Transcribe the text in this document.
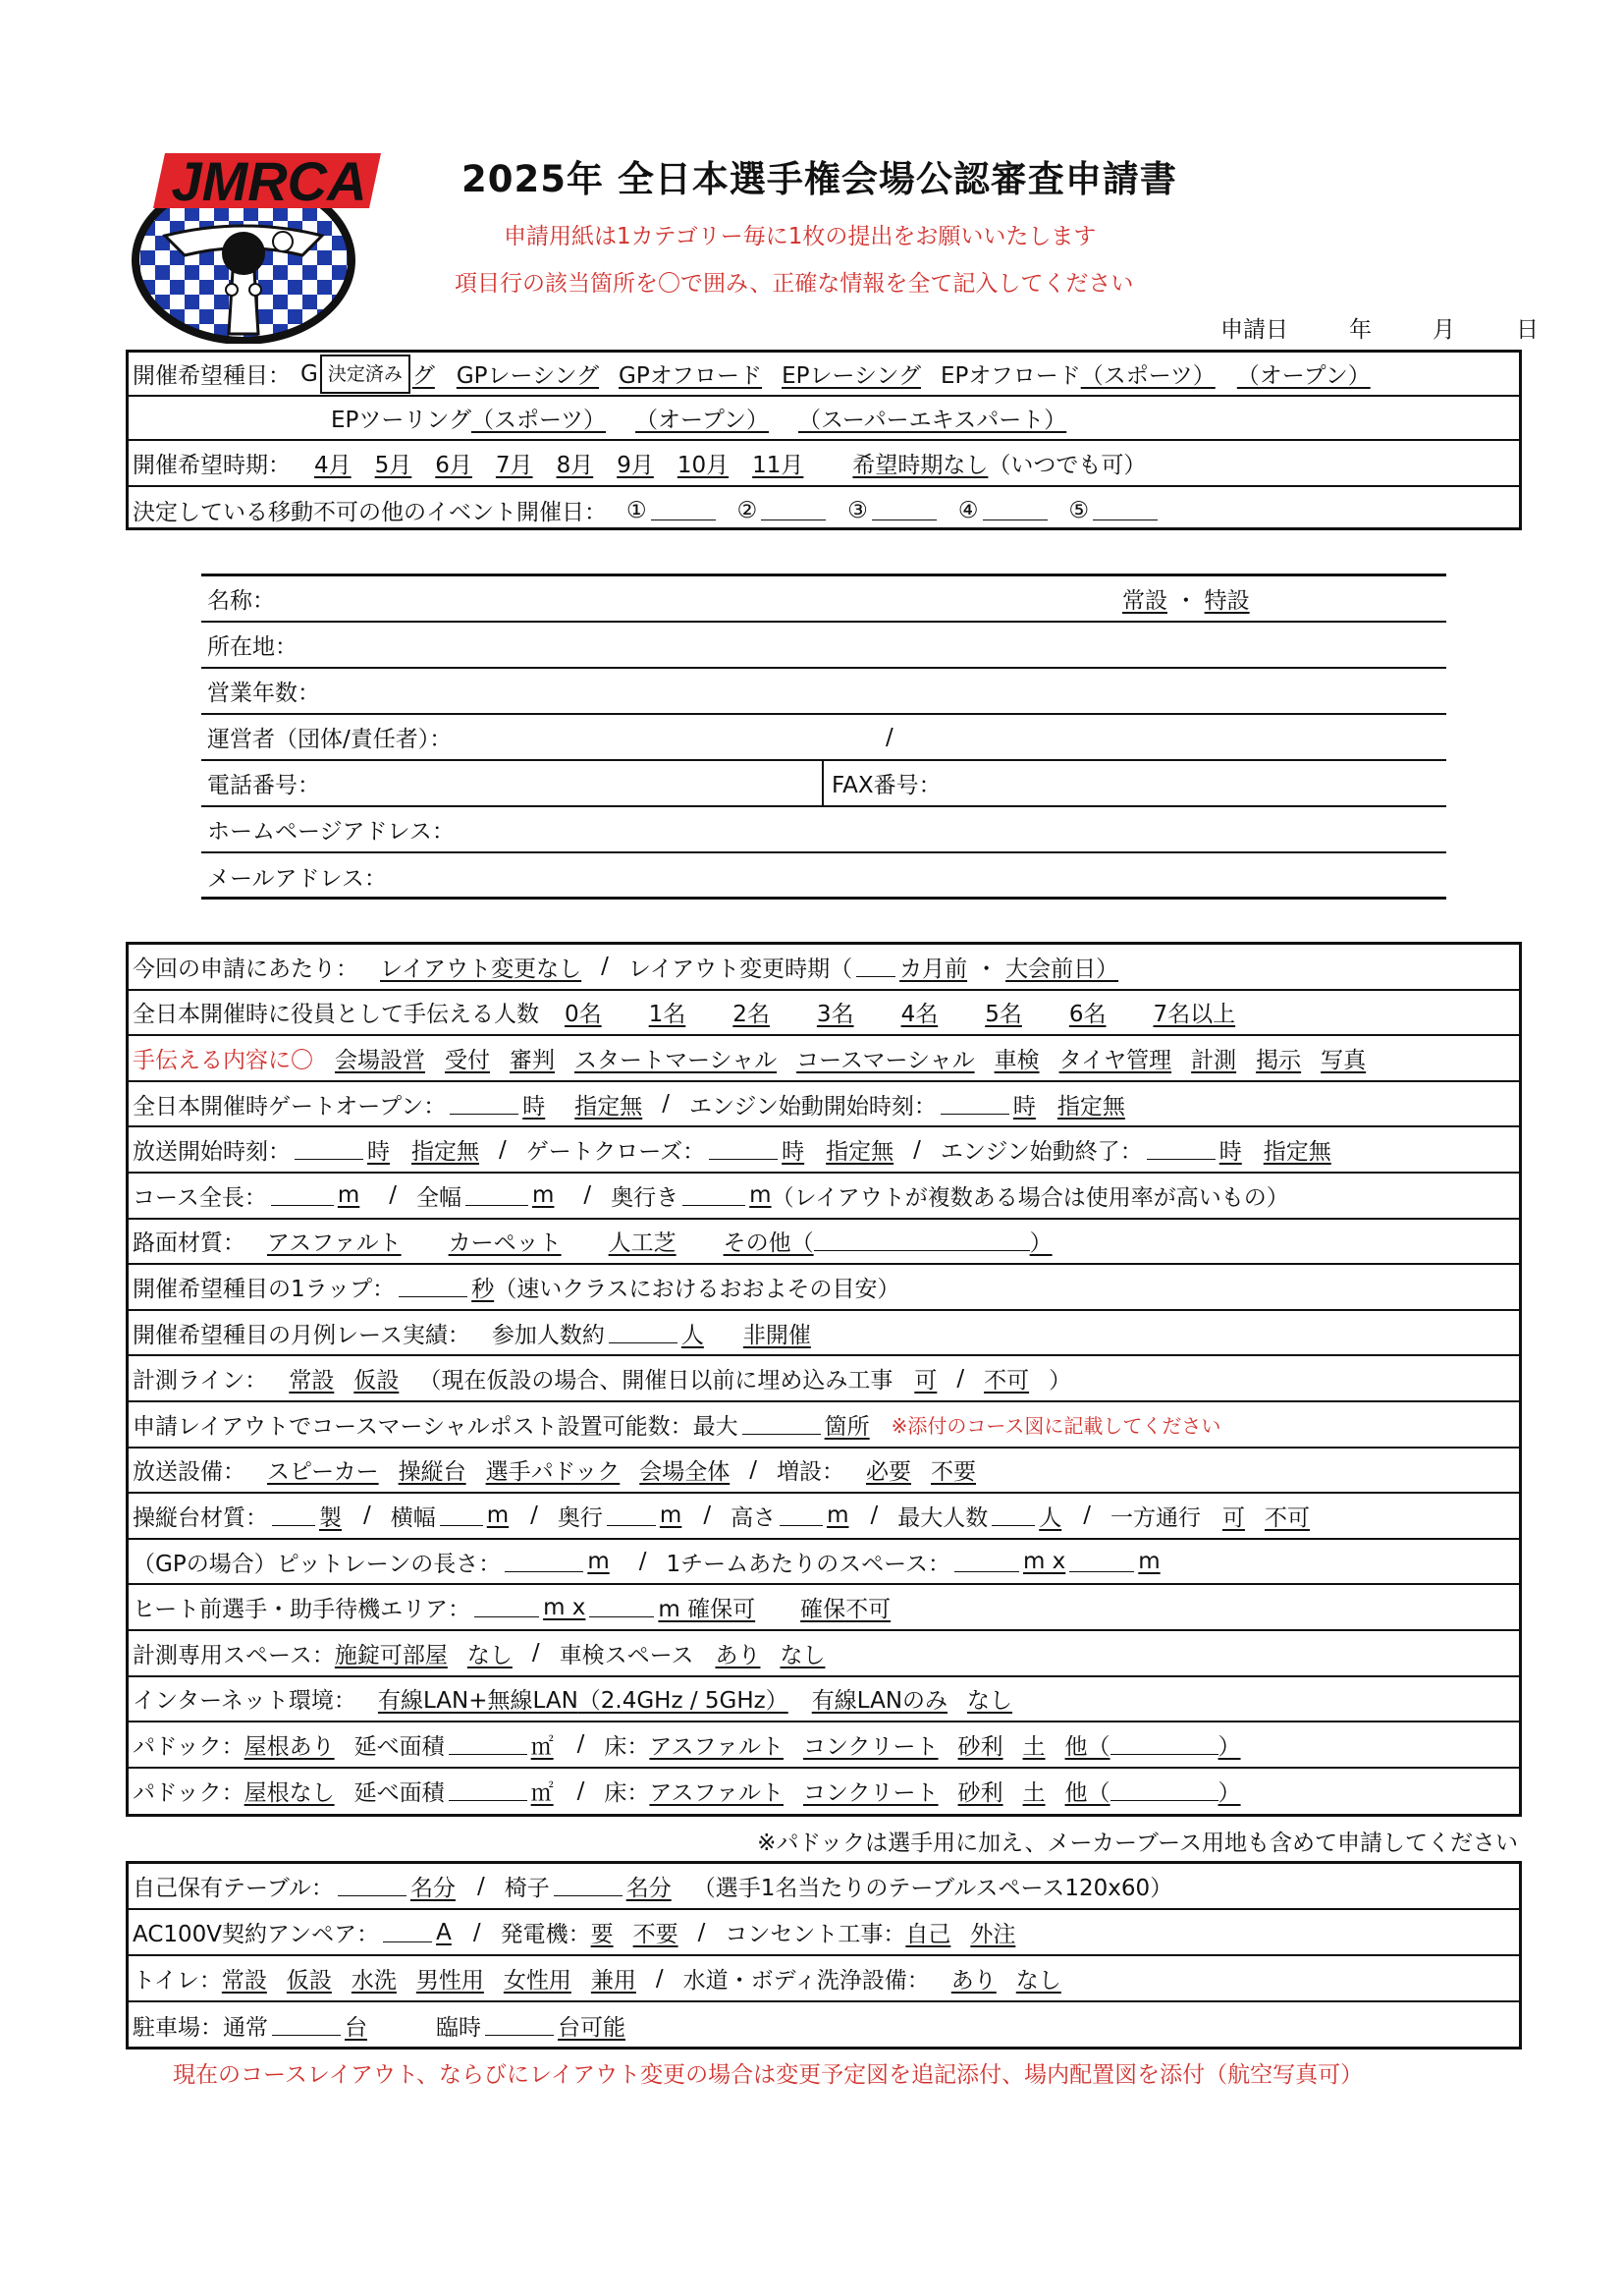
JMRCA	2025年 全日本選手権会場公認審査申請書
申請用紙は1カテゴリー毎に1枚の提出をお願いいたします
項目行の該当箇所を〇で囲み、正確な情報を全て記入してください
申請日	年	月	日
開催希望種目： G 決定済み グ GPレーシング GPオフロード EPレーシング EPオフロード （スポーツ） （オープン）
EPツーリング （スポーツ） （オープン） （スーパーエキスパート）
開催希望時期： 4月 5月 6月 7月 8月 9月 10月 11月 希望時期なし （いつでも可）
決定している移動不可の他のイベント開催日： ①	②	③	④	⑤
名称：	常設 ・ 特設
所在地：
営業年数：
運営者（団体/責任者）：	/
電話番号：	FAX番号：
ホームページアドレス：
メールアドレス：
今回の申請にあたり： レイアウト変更なし / レイアウト変更時期（ カ月前 ・ 大会前日）
全日本開催時に役員として手伝える人数 0名 1名 2名 3名 4名 5名 6名 7名以上
手伝える内容に〇 会場設営 受付 審判 スタートマーシャル コースマーシャル 車検 タイヤ管理 計測 掲示 写真
全日本開催時ゲートオープン：	時 指定無 / エンジン始動開始時刻：	時 指定無
放送開始時刻：	時 指定無 / ゲートクローズ：	時 指定無 / エンジン始動終了：	時 指定無
コース全長：	m / 全幅	m / 奥行き	m （レイアウトが複数ある場合は使用率が高いもの）
路面材質： アスファルト カーペット 人工芝 その他（	）
開催希望種目の1ラップ：	秒 （速いクラスにおけるおおよその目安）
開催希望種目の月例レース実績： 参加人数約	人 非開催
計測ライン： 常設 仮設 （現在仮設の場合、開催日以前に埋め込み工事 可 / 不可 ）
申請レイアウトでコースマーシャルポスト設置可能数：最大	箇所 ※添付のコース図に記載してください
放送設備： スピーカー 操縦台 選手パドック 会場全体 / 増設： 必要 不要
操縦台材質： 製 / 横幅 m / 奥行	m / 高さ m / 最大人数 人 / 一方通行 可 不可
（GPの場合）ピットレーンの長さ：	m / 1チームあたりのスペース：	m x	m
ヒート前選手・助手待機エリア：	m x	m 確保可 確保不可
計測専用スペース： 施錠可部屋 なし / 車検スペース あり なし
インターネット環境： 有線LAN+無線LAN （2.4GHz / 5GHz） 有線LANのみ なし
パドック： 屋根あり 延べ面積	㎡ / 床： アスファルト コンクリート 砂利 土 他（	）
パドック： 屋根なし 延べ面積	㎡ / 床： アスファルト コンクリート 砂利 土 他（	）
※パドックは選手用に加え、メーカーブース用地も含めて申請してください
自己保有テーブル：	名分 / 椅子	名分 （選手1名当たりのテーブルスペース120x60）
AC100V契約アンペア：	A / 発電機： 要 不要 / コンセント工事： 自己 外注
トイレ： 常設 仮設 水洗 男性用 女性用 兼用 / 水道・ボディ洗浄設備： あり なし
駐車場： 通常	台	臨時	台可能
現在のコースレイアウト、ならびにレイアウト変更の場合は変更予定図を追記添付、場内配置図を添付（航空写真可）
